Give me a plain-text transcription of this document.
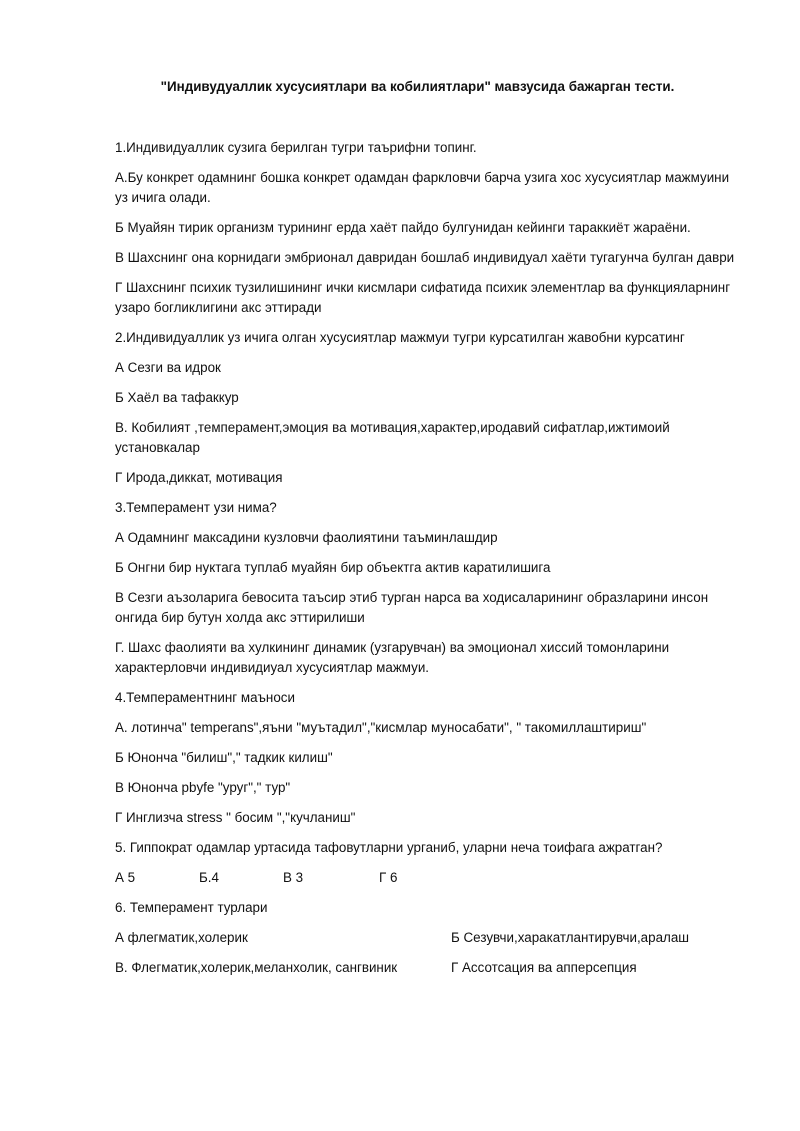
"Индивудуаллик хусусиятлари ва кобилиятлари" мавзусида бажарган тести.

1.Индивидуаллик сузига берилган тугри таърифни топинг.

А.Бу конкрет одамнинг бошка конкрет одамдан фаркловчи барча узига хос хусусиятлар мажмуини уз ичига олади.

Б Муайян тирик организм турининг ерда хаёт пайдо булгунидан кейинги тараккиёт жараёни.

В Шахснинг она корнидаги эмбрионал давридан бошлаб индивидуал хаёти тугагунча булган даври

Г Шахснинг психик тузилишининг ички кисмлари сифатида психик элементлар ва функцияларнинг узаро богликлигини акс эттиради

2.Индивидуаллик уз ичига олган хусусиятлар мажмуи тугри курсатилган жавобни курсатинг

А Сезги ва идрок

Б Хаёл ва тафаккур

В. Кобилият ,темперамент,эмоция ва мотивация,характер,иродавий сифатлар,ижтимоий установкалар

Г Ирода,диккат, мотивация

3.Темперамент узи нима?

А Одамнинг максадини кузловчи фаолиятини таъминлашдир

Б Онгни бир нуктага туплаб муайян бир объектга актив каратилишига

В Сезги аъзоларига бевосита таъсир этиб турган нарса ва ходисаларининг образларини инсон онгида бир бутун холда акс эттирилиши

Г. Шахс фаолияти ва хулкининг динамик (узгарувчан) ва эмоционал хиссий томонларини характерловчи индивидиуал хусусиятлар мажмуи.

4.Темпераментнинг маъноси

А. лотинча" temperans",яъни "муътадил","кисмлар муносабати", " такомиллаштириш"

Б Юнонча "билиш"," тадкик килиш"

В Юнонча pbyfe "уруг"," тур"

Г Инглизча stress " босим ","кучланиш"

5. Гиппократ одамлар уртасида тафовутларни урганиб, уларни неча тоифага ажратган?

А 5	Б.4	В 3	Г 6

6. Темперамент турлари

А флегматик,холерик	Б Сезувчи,харакатлантирувчи,аралаш
В. Флегматик,холерик,меланхолик, сангвиник	Г Ассотсация ва апперсепция
